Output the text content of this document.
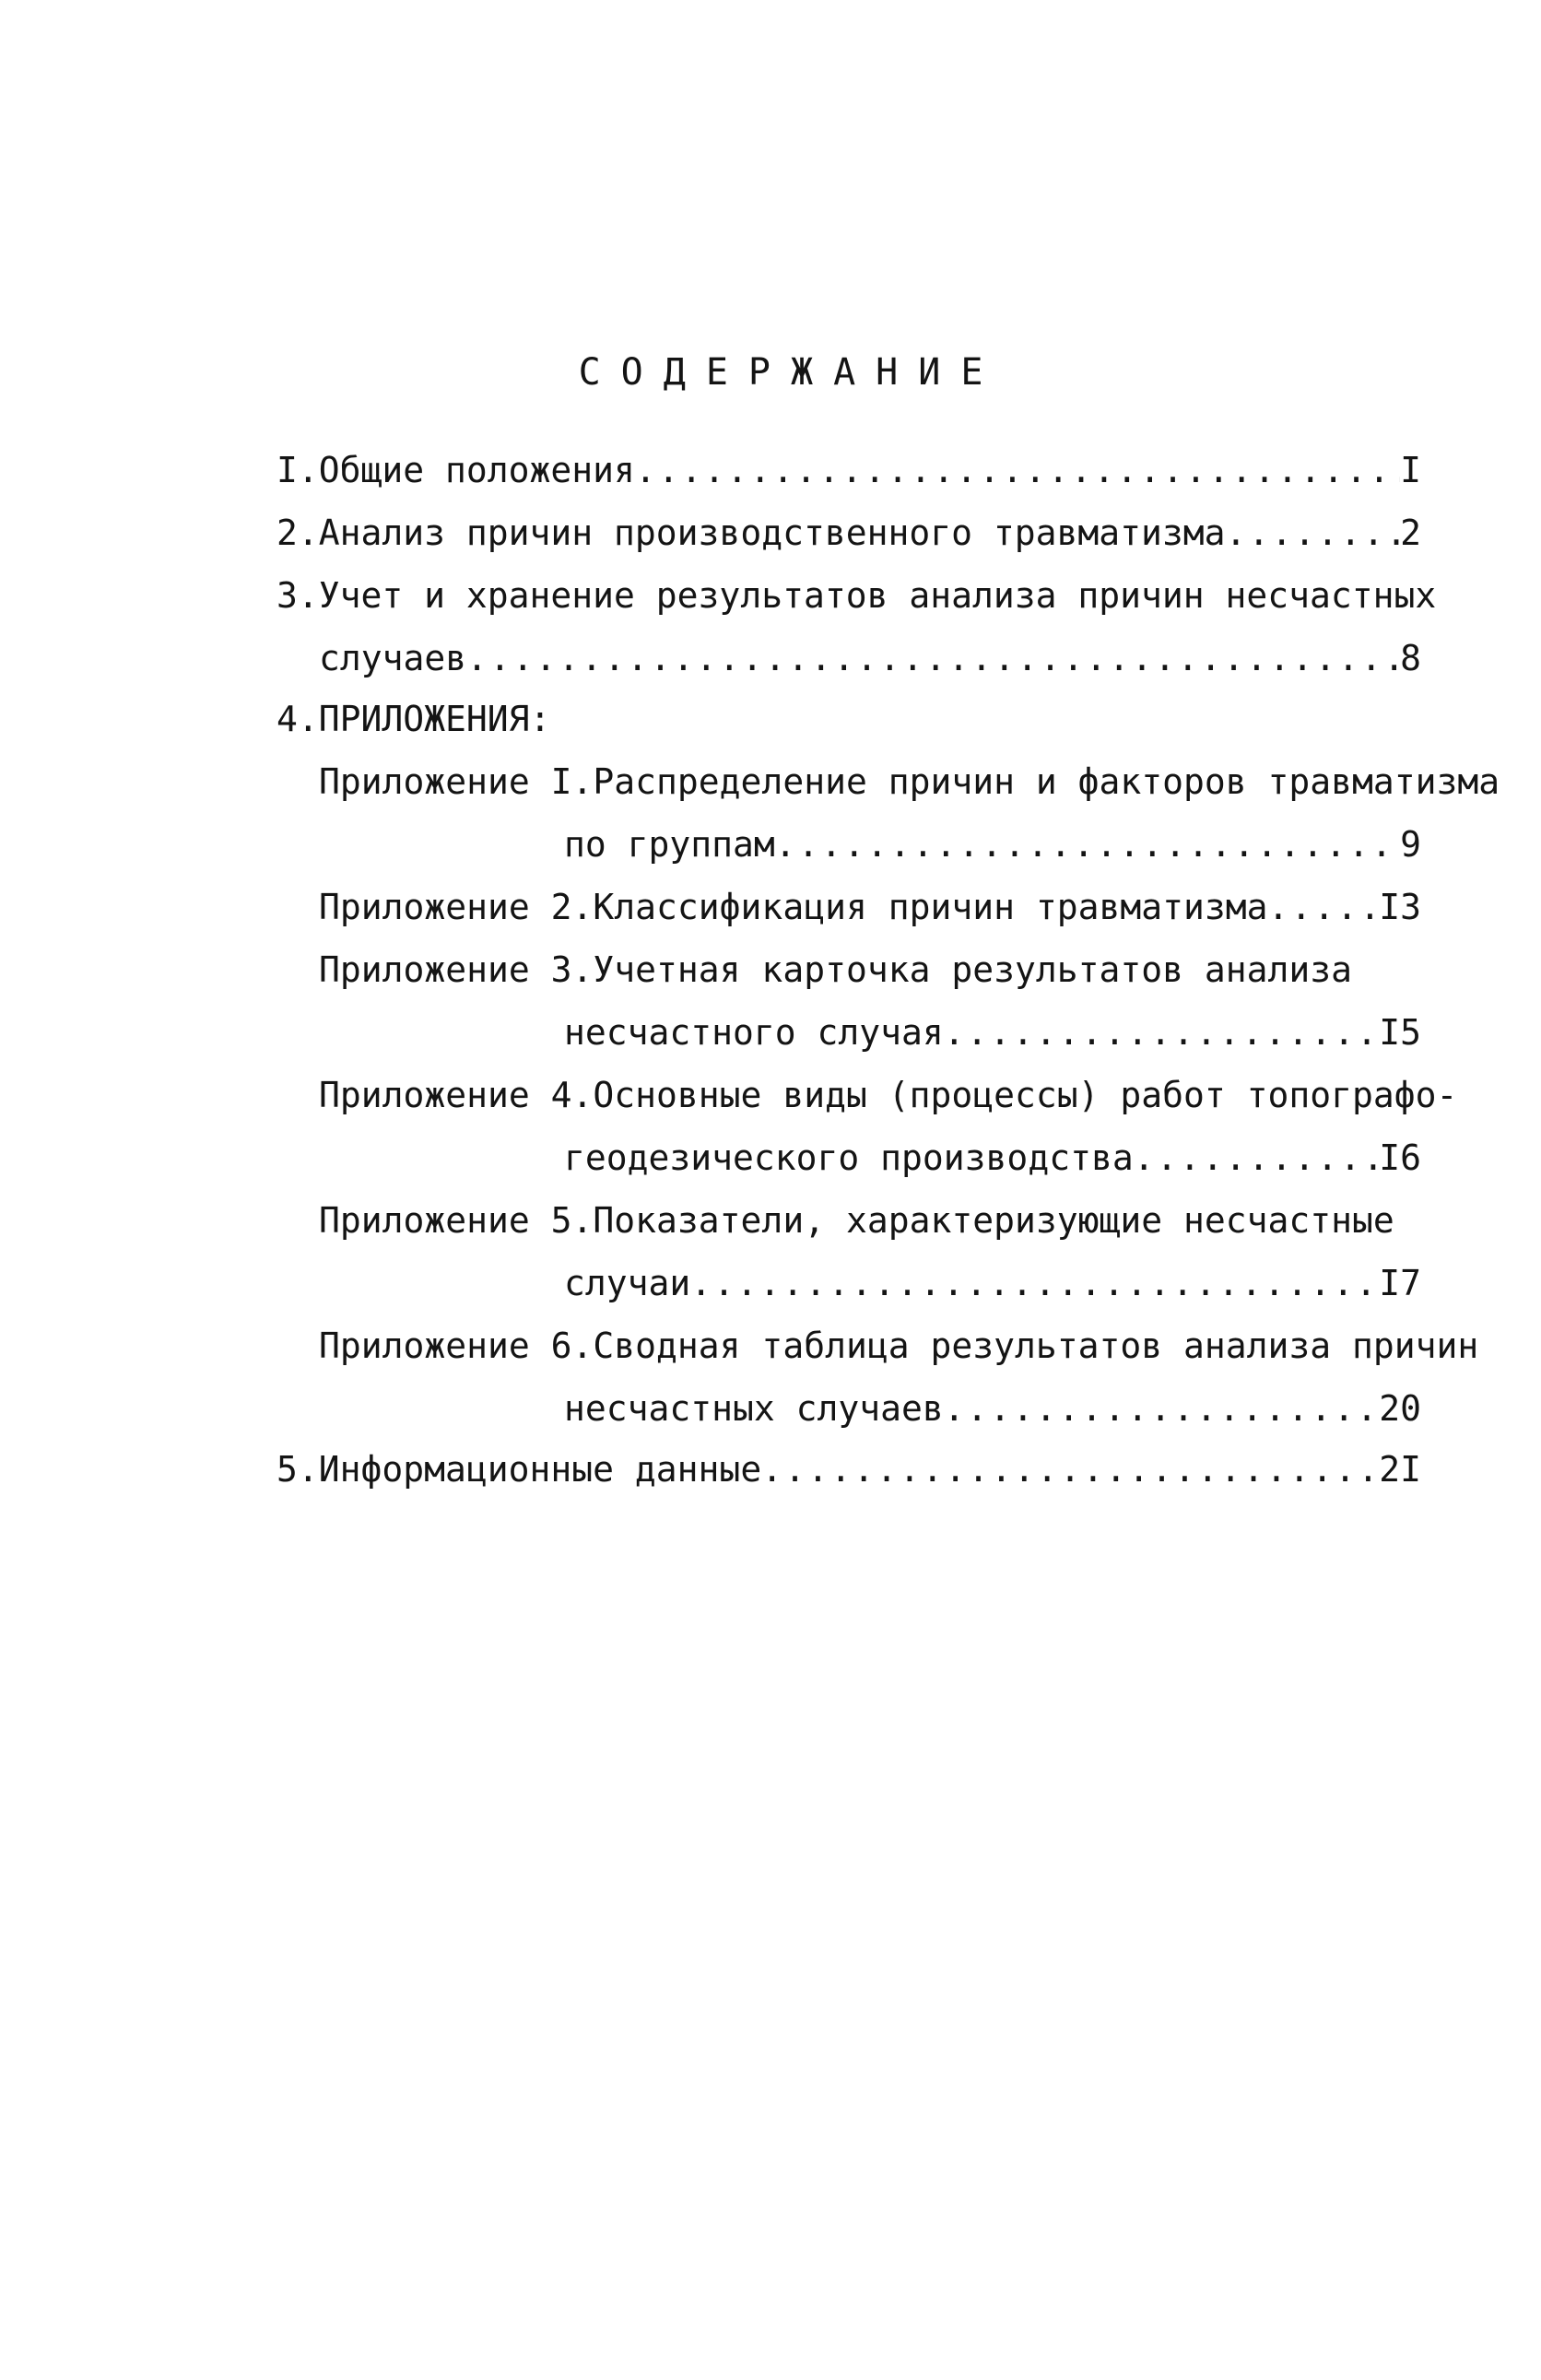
СОДЕРЖАНИЕ
I.Общие положения .....	I
2.Анализ причин производственного травматизма .....	2
3.Учет и хранение результатов анализа причин несчастных
случаев .....	8
4.ПРИЛОЖЕНИЯ:
Приложение I.Распределение причин и факторов травматизма
по группам .....	9
Приложение 2.Классификация причин травматизма .....	I3
Приложение 3.Учетная карточка результатов анализа
несчастного случая .....	I5
Приложение 4.Основные виды (процессы) работ топографо-
геодезического производства .....	I6
Приложение 5.Показатели, характеризующие несчастные
случаи .....	I7
Приложение 6.Сводная таблица результатов анализа причин
несчастных случаев .....	20
5.Информационные данные .....	2I
